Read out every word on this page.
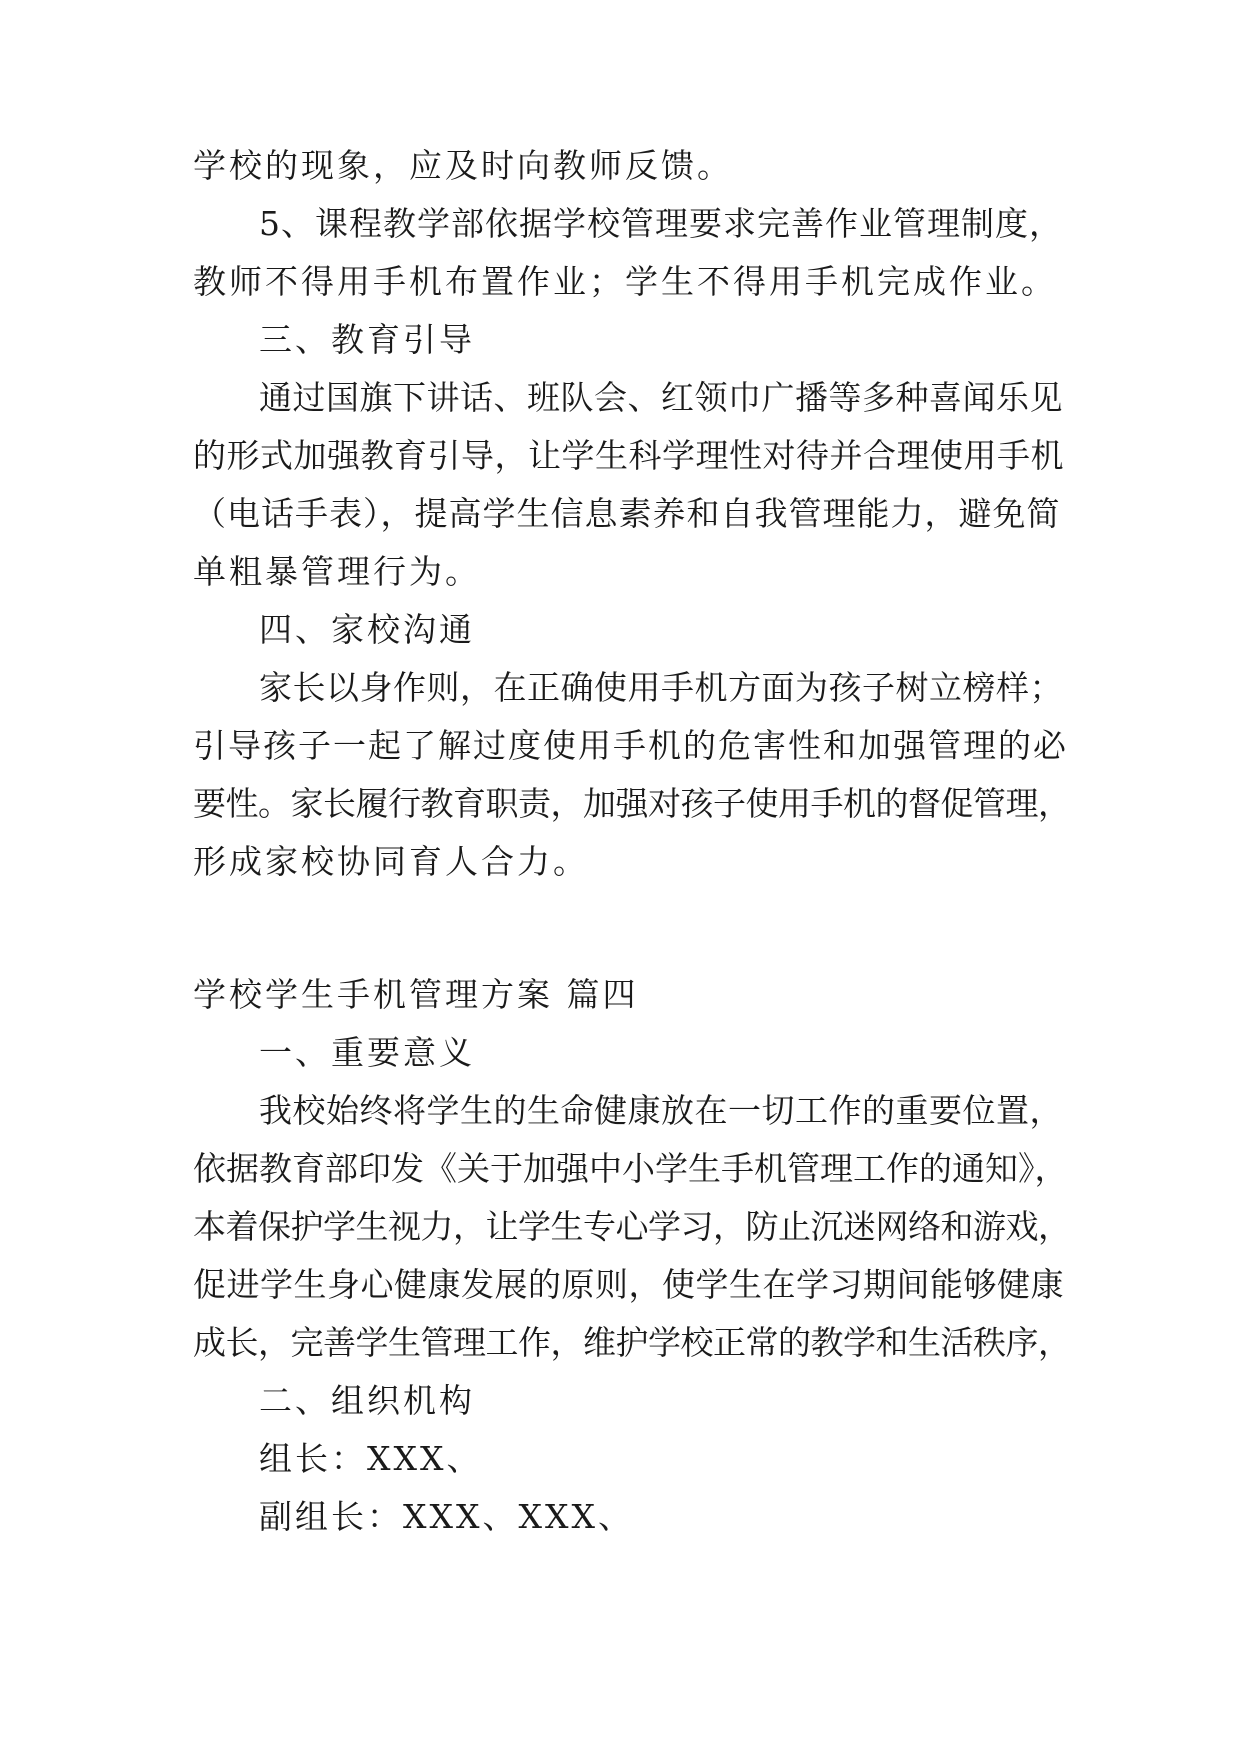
学校的现象，应及时向教师反馈。
5、课程教学部依据学校管理要求完善作业管理制度，
教师不得用手机布置作业；学生不得用手机完成作业。
三、教育引导
通过国旗下讲话、班队会、红领巾广播等多种喜闻乐见
的形式加强教育引导，让学生科学理性对待并合理使用手机
（电话手表），提高学生信息素养和自我管理能力，避免简
单粗暴管理行为。
四、家校沟通
家长以身作则，在正确使用手机方面为孩子树立榜样；
引导孩子一起了解过度使用手机的危害性和加强管理的必
要性。家长履行教育职责，加强对孩子使用手机的督促管理，
形成家校协同育人合力。
学校学生手机管理方案 篇四
一、重要意义
我校始终将学生的生命健康放在一切工作的重要位置，
依据教育部印发《关于加强中小学生手机管理工作的通知》，
本着保护学生视力，让学生专心学习，防止沉迷网络和游戏，
促进学生身心健康发展的原则，使学生在学习期间能够健康
成长，完善学生管理工作，维护学校正常的教学和生活秩序，
二、组织机构
组长：XXX、
副组长：XXX、XXX、
